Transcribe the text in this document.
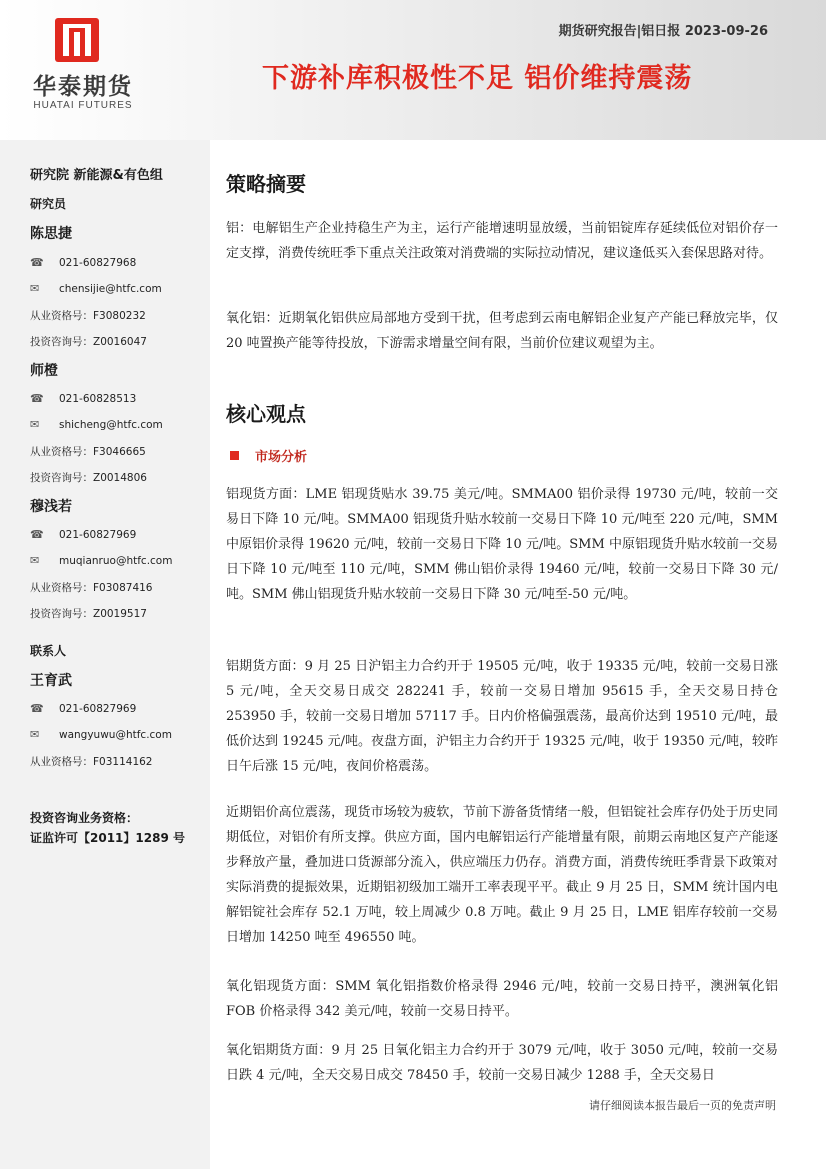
华泰期货
HUATAI FUTURES
期货研究报告|铝日报 2023-09-26
下游补库积极性不足 铝价维持震荡
研究院 新能源&有色组
研究员
陈思捷
☎	021-60827968
✉	chensijie@htfc.com
从业资格号： F3080232
投资咨询号： Z0016047
师橙
☎	021-60828513
✉	shicheng@htfc.com
从业资格号： F3046665
投资咨询号： Z0014806
穆浅若
☎	021-60827969
✉	muqianruo@htfc.com
从业资格号： F03087416
投资咨询号： Z0019517
联系人
王育武
☎	021-60827969
✉	wangyuwu@htfc.com
从业资格号： F03114162
投资咨询业务资格：
证监许可【2011】1289 号
策略摘要
铝：电解铝生产企业持稳生产为主，运行产能增速明显放缓，当前铝锭库存延续低位对铝价存一定支撑，消费传统旺季下重点关注政策对消费端的实际拉动情况，建议逢低买入套保思路对待。
氧化铝：近期氧化铝供应局部地方受到干扰，但考虑到云南电解铝企业复产产能已释放完毕，仅 20 吨置换产能等待投放，下游需求增量空间有限，当前价位建议观望为主。
核心观点
市场分析
铝现货方面：LME 铝现货贴水 39.75 美元/吨。SMMA00 铝价录得 19730 元/吨，较前一交易日下降 10 元/吨。SMMA00 铝现货升贴水较前一交易日下降 10 元/吨至 220 元/吨，SMM 中原铝价录得 19620 元/吨，较前一交易日下降 10 元/吨。SMM 中原铝现货升贴水较前一交易日下降 10 元/吨至 110 元/吨，SMM 佛山铝价录得 19460 元/吨，较前一交易日下降 30 元/吨。SMM 佛山铝现货升贴水较前一交易日下降 30 元/吨至-50 元/吨。
铝期货方面：9 月 25 日沪铝主力合约开于 19505 元/吨，收于 19335 元/吨，较前一交易日涨 5 元/吨，全天交易日成交 282241 手，较前一交易日增加 95615 手，全天交易日持仓 253950 手，较前一交易日增加 57117 手。日内价格偏强震荡，最高价达到 19510 元/吨，最低价达到 19245 元/吨。夜盘方面，沪铝主力合约开于 19325 元/吨，收于 19350 元/吨，较昨日午后涨 15 元/吨，夜间价格震荡。
近期铝价高位震荡，现货市场较为疲软，节前下游备货情绪一般，但铝锭社会库存仍处于历史同期低位，对铝价有所支撑。供应方面，国内电解铝运行产能增量有限，前期云南地区复产产能逐步释放产量，叠加进口货源部分流入，供应端压力仍存。消费方面，消费传统旺季背景下政策对实际消费的提振效果，近期铝初级加工端开工率表现平平。截止 9 月 25 日，SMM 统计国内电解铝锭社会库存 52.1 万吨，较上周减少 0.8 万吨。截止 9 月 25 日，LME 铝库存较前一交易日增加 14250 吨至 496550 吨。
氧化铝现货方面：SMM 氧化铝指数价格录得 2946 元/吨，较前一交易日持平，澳洲氧化铝 FOB 价格录得 342 美元/吨，较前一交易日持平。
氧化铝期货方面：9 月 25 日氧化铝主力合约开于 3079 元/吨，收于 3050 元/吨，较前一交易日跌 4 元/吨，全天交易日成交 78450 手，较前一交易日减少 1288 手，全天交易日
请仔细阅读本报告最后一页的免责声明
